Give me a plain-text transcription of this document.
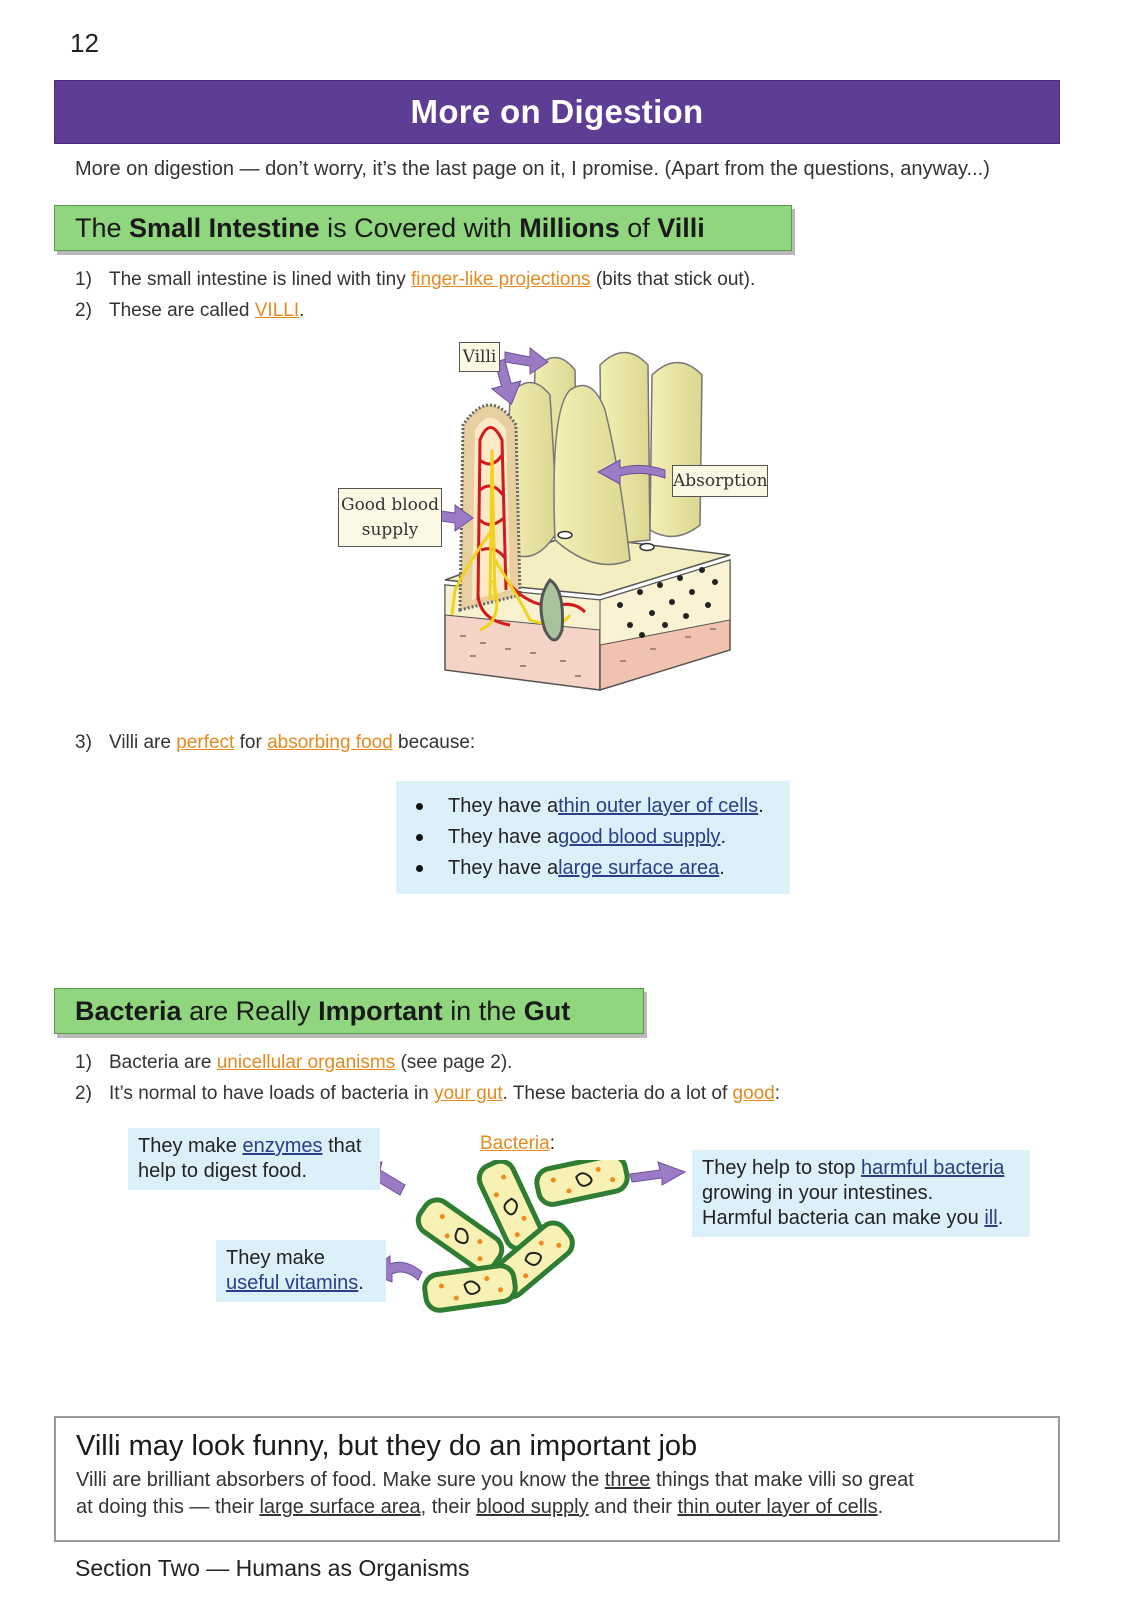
12
More on Digestion
More on digestion — don’t worry, it’s the last page on it, I promise. (Apart from the questions, anyway...)
The
Small Intestine
is Covered with
Millions
of
Villi
1) The small intestine is lined with tiny finger-like projections (bits that stick out).
2) These are called VILLI.
Villi
Absorption
Good blood
supply
3) Villi are perfect for absorbing food because:
They have a thin outer layer of cells .
They have a good blood supply .
They have a large surface area .
Bacteria
are Really
Important
in the
Gut
1) Bacteria are unicellular organisms (see page 2).
2) It’s normal to have loads of bacteria in your gut. These bacteria do a lot of good:
Bacteria:
They make enzymes that
help to digest food.
They make
useful vitamins.
They help to stop harmful bacteria
growing in your intestines.
Harmful bacteria can make you ill.
Villi may look funny, but they do an important job
Villi are brilliant absorbers of food. Make sure you know the three things that make villi so great
at doing this — their large surface area, their blood supply and their thin outer layer of cells.
Section Two — Humans as Organisms
